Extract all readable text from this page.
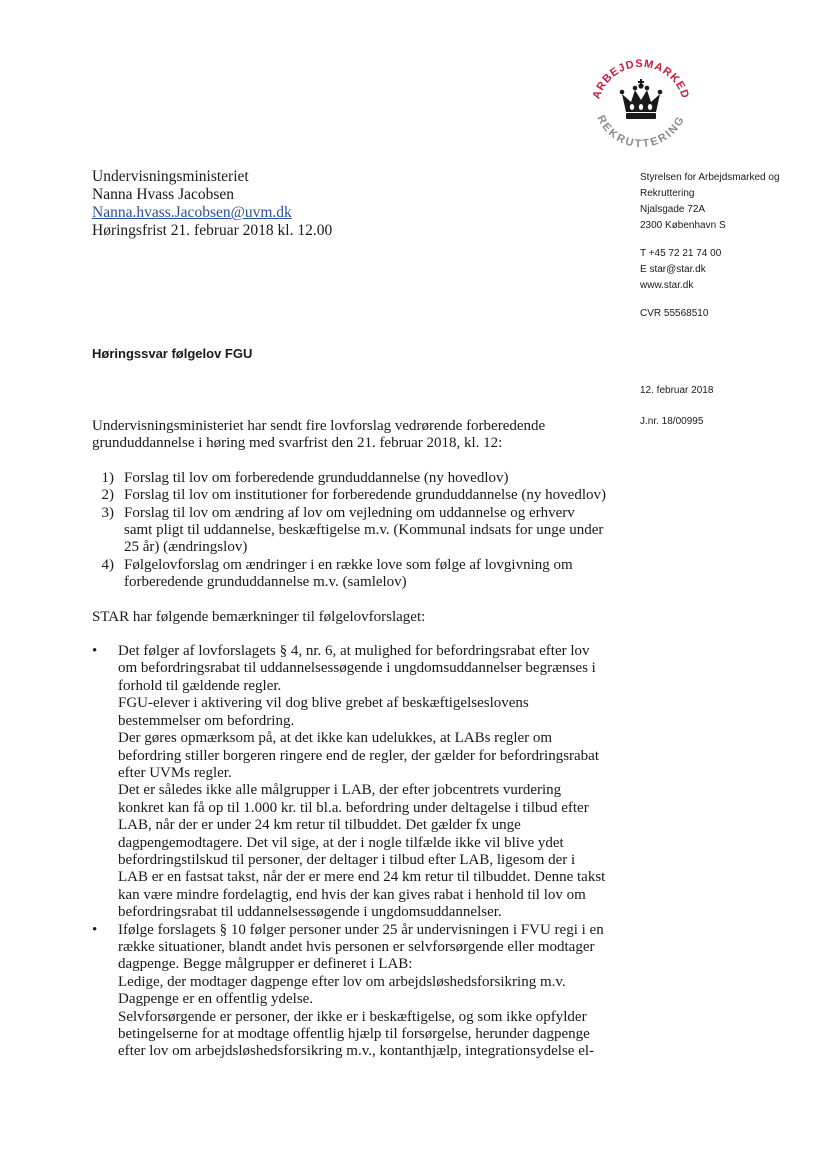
ARBEJDSMARKED
REKRUTTERING
Undervisningsministeriet
Nanna Hvass Jacobsen
Nanna.hvass.Jacobsen@uvm.dk
Høringsfrist 21. februar 2018 kl. 12.00
Styrelsen for Arbejdsmarked og
Rekruttering
Njalsgade 72A
2300 København S
T +45 72 21 74 00
E star@star.dk
www.star.dk
CVR 55568510
Høringssvar følgelov FGU
12. februar 2018
J.nr. 18/00995

Undervisningsministeriet har sendt fire lovforslag vedrørende forberedende grunduddannelse i høring med svarfrist den 21. februar 2018, kl. 12:

1) Forslag til lov om forberedende grunduddannelse (ny hovedlov)
2) Forslag til lov om institutioner for forberedende grunduddannelse (ny hovedlov)
3) Forslag til lov om ændring af lov om vejledning om uddannelse og erhverv samt pligt til uddannelse, beskæftigelse m.v. (Kommunal indsats for unge under 25 år) (ændringslov)
4) Følgelovforslag om ændringer i en række love som følge af lovgivning om forberedende grunduddannelse m.v. (samlelov)

STAR har følgende bemærkninger til følgelovforslaget:

• Det følger af lovforslagets § 4, nr. 6, at mulighed for befordringsrabat efter lov om befordringsrabat til uddannelsessøgende i ungdomsuddannelser begrænses i forhold til gældende regler.

FGU-elever i aktivering vil dog blive grebet af beskæftigelseslovens bestemmelser om befordring.

Der gøres opmærksom på, at det ikke kan udelukkes, at LABs regler om befordring stiller borgeren ringere end de regler, der gælder for befordringsrabat efter UVMs regler.

Det er således ikke alle målgrupper i LAB, der efter jobcentrets vurdering konkret kan få op til 1.000 kr. til bl.a. befordring under deltagelse i tilbud efter LAB, når der er under 24 km retur til tilbuddet. Det gælder fx unge dagpengemodtagere. Det vil sige, at der i nogle tilfælde ikke vil blive ydet befordringstilskud til personer, der deltager i tilbud efter LAB, ligesom der i LAB er en fastsat takst, når der er mere end 24 km retur til tilbuddet. Denne takst kan være mindre fordelagtig, end hvis der kan gives rabat i henhold til lov om befordringsrabat til uddannelsessøgende i ungdomsuddannelser.

• Ifølge forslagets § 10 følger personer under 25 år undervisningen i FVU regi i en række situationer, blandt andet hvis personen er selvforsørgende eller modtager dagpenge. Begge målgrupper er defineret i LAB:

Ledige, der modtager dagpenge efter lov om arbejdsløshedsforsikring m.v. Dagpenge er en offentlig ydelse.

Selvforsørgende er personer, der ikke er i beskæftigelse, og som ikke opfylder betingelserne for at modtage offentlig hjælp til forsørgelse, herunder dagpenge efter lov om arbejdsløshedsforsikring m.v., kontanthjælp, integrationsydelse el-
